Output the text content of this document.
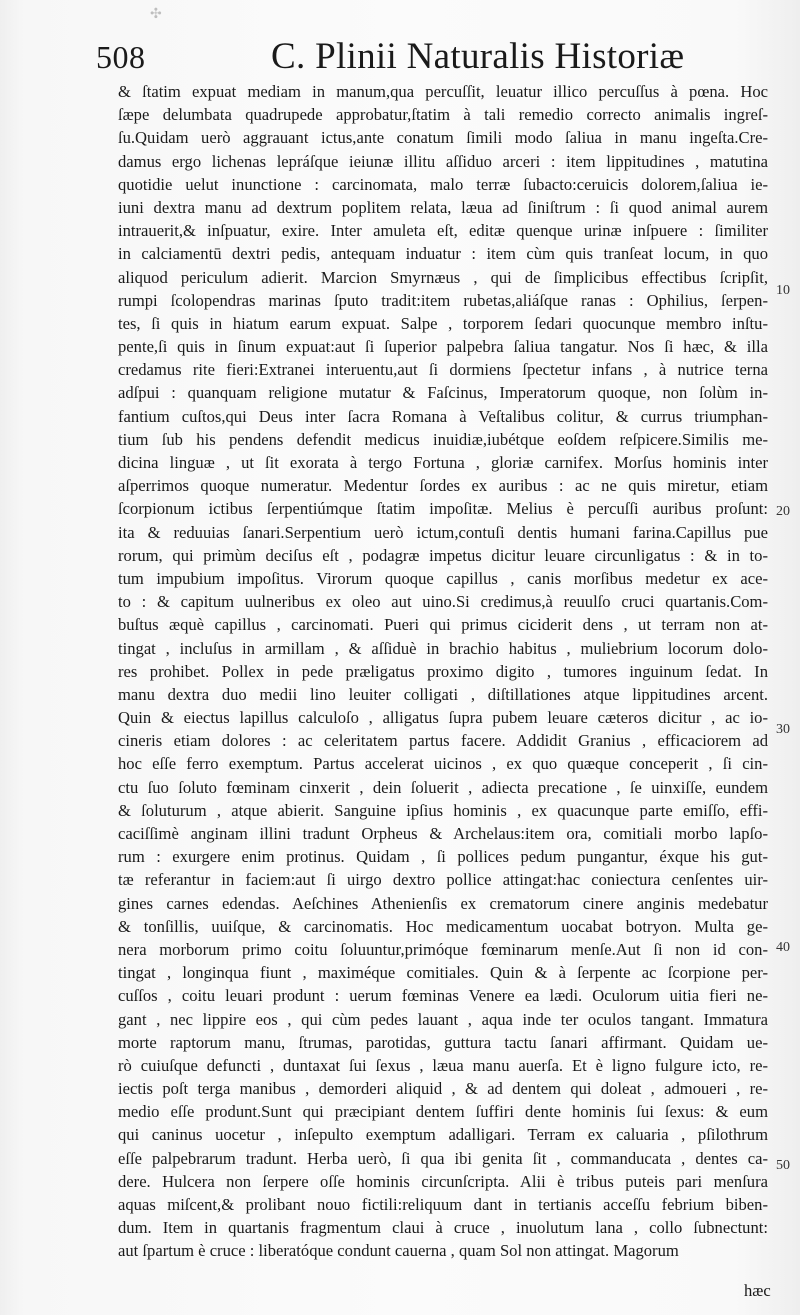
✣
508	C. Plinii Naturalis Historiæ
& ſtatim expuat mediam in manum,qua percuſſit, leuatur illico percuſſus à pœna. Hoc
ſæpe delumbata quadrupede approbatur,ſtatim à tali remedio correcto animalis ingreſ-
ſu.Quidam uerò aggrauant ictus,ante conatum ſimili modo ſaliua in manu ingeſta.Cre-
damus ergo lichenas lepráſque ieiunæ illitu aſſiduo arceri : item lippitudines , matutina
quotidie uelut inunctione : carcinomata, malo terræ ſubacto:ceruicis dolorem,ſaliua ie-
iuni dextra manu ad dextrum poplitem relata, læua ad ſiniſtrum : ſi quod animal aurem
intrauerit,& inſpuatur, exire. Inter amuleta eſt, editæ quenque urinæ inſpuere : ſimiliter
in calciamentū dextri pedis, antequam induatur : item cùm quis tranſeat locum, in quo
aliquod periculum adierit. Marcion Smyrnæus , qui de ſimplicibus effectibus ſcripſit,
rumpi ſcolopendras marinas ſputo tradit:item rubetas,aliáſque ranas : Ophilius, ſerpen-
tes, ſi quis in hiatum earum expuat. Salpe , torporem ſedari quocunque membro inſtu-
pente,ſi quis in ſinum expuat:aut ſi ſuperior palpebra ſaliua tangatur. Nos ſi hæc, & illa
credamus rite fieri:Extranei interuentu,aut ſi dormiens ſpectetur infans , à nutrice terna
adſpui : quanquam religione mutatur & Faſcinus, Imperatorum quoque, non ſolùm in-
fantium cuſtos,qui Deus inter ſacra Romana à Veſtalibus colitur, & currus triumphan-
tium ſub his pendens defendit medicus inuidiæ,iubétque eoſdem reſpicere.Similis me-
dicina linguæ , ut ſit exorata à tergo Fortuna , gloriæ carnifex. Morſus hominis inter
aſperrimos quoque numeratur. Medentur ſordes ex auribus : ac ne quis miretur, etiam
ſcorpionum ictibus ſerpentiúmque ſtatim impoſitæ. Melius è percuſſi auribus proſunt:
ita & reduuias ſanari.Serpentium uerò ictum,contuſi dentis humani farina.Capillus pue
rorum, qui primùm deciſus eſt , podagræ impetus dicitur leuare circunligatus : & in to-
tum impubium impoſitus. Virorum quoque capillus , canis morſibus medetur ex ace-
to : & capitum uulneribus ex oleo aut uino.Si credimus,à reuulſo cruci quartanis.Com-
buſtus æquè capillus , carcinomati. Pueri qui primus ciciderit dens , ut terram non at-
tingat , incluſus in armillam , & aſſiduè in brachio habitus , muliebrium locorum dolo-
res prohibet. Pollex in pede præligatus proximo digito , tumores inguinum ſedat. In
manu dextra duo medii lino leuiter colligati , diſtillationes atque lippitudines arcent.
Quin & eiectus lapillus calculoſo , alligatus ſupra pubem leuare cæteros dicitur , ac io-
cineris etiam dolores : ac celeritatem partus facere. Addidit Granius , efficaciorem ad
hoc eſſe ferro exemptum. Partus accelerat uicinos , ex quo quæque conceperit , ſi cin-
ctu ſuo ſoluto fœminam cinxerit , dein ſoluerit , adiecta precatione , ſe uinxiſſe, eundem
& ſoluturum , atque abierit. Sanguine ipſius hominis , ex quacunque parte emiſſo, effi-
caciſſimè anginam illini tradunt Orpheus & Archelaus:item ora, comitiali morbo lapſo-
rum : exurgere enim protinus. Quidam , ſi pollices pedum pungantur, éxque his gut-
tæ referantur in faciem:aut ſi uirgo dextro pollice attingat:hac coniectura cenſentes uir-
gines carnes edendas. Aeſchines Athenienſis ex crematorum cinere anginis medebatur
& tonſillis, uuiſque, & carcinomatis. Hoc medicamentum uocabat botryon. Multa ge-
nera morborum primo coitu ſoluuntur,primóque fœminarum menſe.Aut ſi non id con-
tingat , longinqua fiunt , maximéque comitiales. Quin & à ſerpente ac ſcorpione per-
cuſſos , coitu leuari produnt : uerum fœminas Venere ea lædi. Oculorum uitia fieri ne-
gant , nec lippire eos , qui cùm pedes lauant , aqua inde ter oculos tangant. Immatura
morte raptorum manu, ſtrumas, parotidas, guttura tactu ſanari affirmant. Quidam ue-
rò cuiuſque defuncti , duntaxat ſui ſexus , læua manu auerſa. Et è ligno fulgure icto, re-
iectis poſt terga manibus , demorderi aliquid , & ad dentem qui doleat , admoueri , re-
medio eſſe produnt.Sunt qui præcipiant dentem ſuffiri dente hominis ſui ſexus: & eum
qui caninus uocetur , inſepulto exemptum adalligari. Terram ex caluaria , pſilothrum
eſſe palpebrarum tradunt. Herba uerò, ſi qua ibi genita ſit , commanducata , dentes ca-
dere. Hulcera non ſerpere oſſe hominis circunſcripta. Alii è tribus puteis pari menſura
aquas miſcent,& prolibant nouo fictili:reliquum dant in tertianis acceſſu febrium biben-
dum. Item in quartanis fragmentum claui à cruce , inuolutum lana , collo ſubnectunt:
aut ſpartum è cruce : liberatóque condunt cauerna , quam Sol non attingat. Magorum
10
20
30
40
50
hæc
